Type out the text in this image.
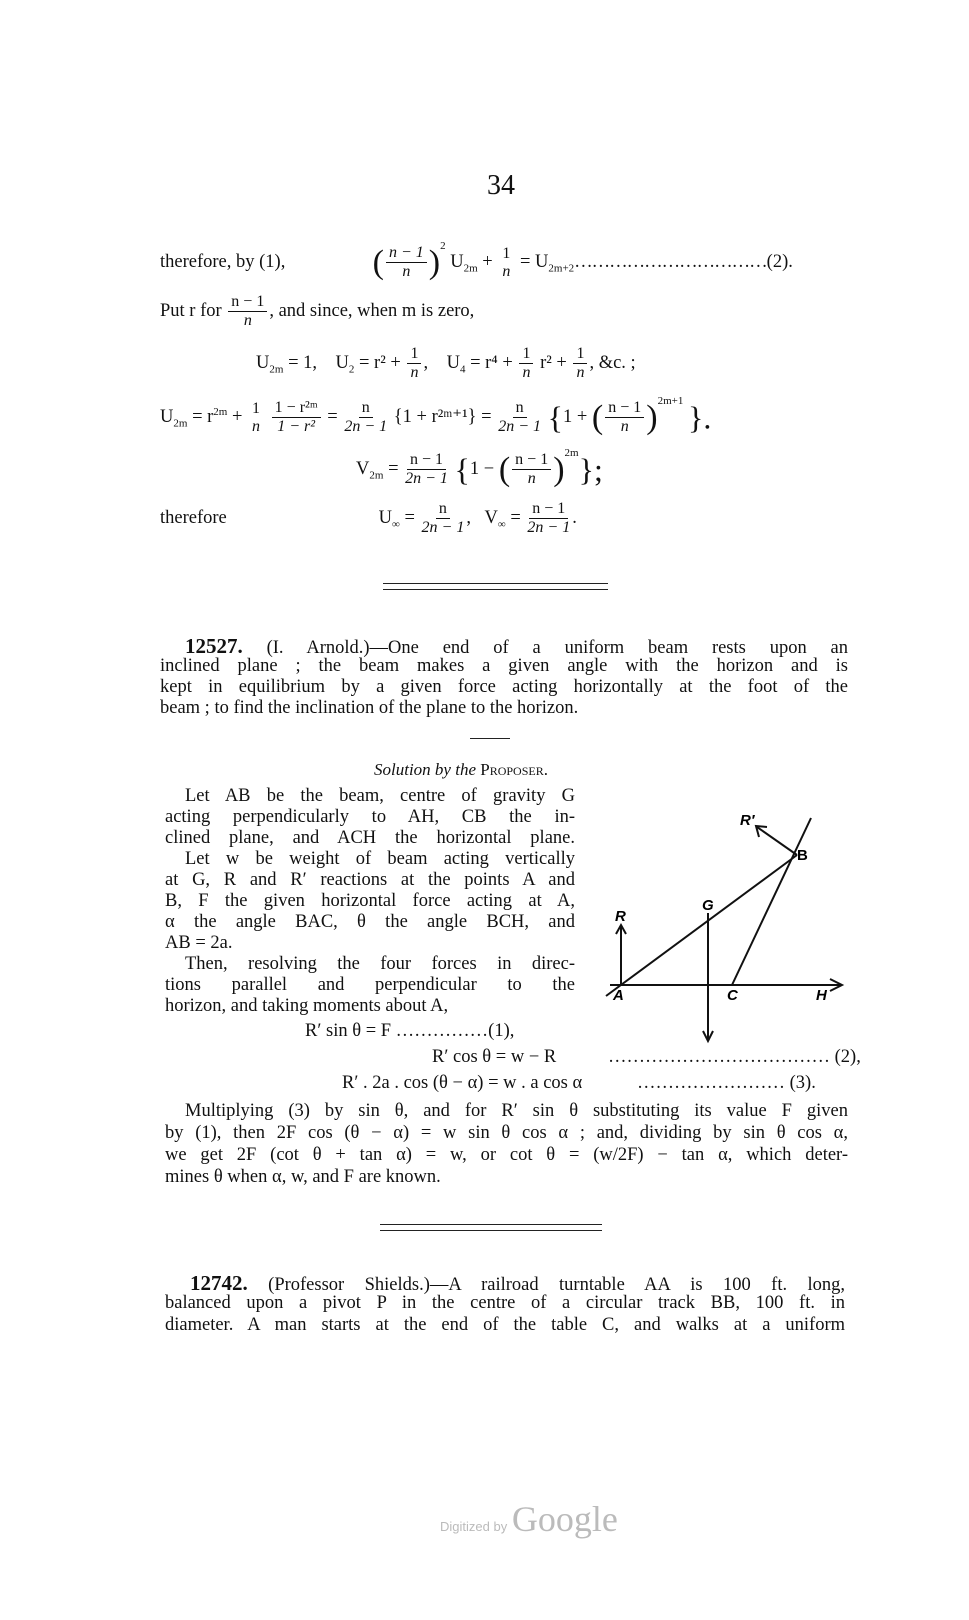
34
therefore, by (1),	( $\frac{n - 1}{n} )^2$ $U_{2m} + 1$
$n = U_{2m+2}\dots\dots\dots\dots\dots\dots\dots\dots\dots\dots\dots(2)$.
Put r for $\frac{n - 1}{n}$ , and since, when m is zero,
$U_{2m} = 1$, $U_2 = r^2 + \frac{1}{n}$ , $U_4 = r^4 + \frac{1}{n} r^2 + \frac{1}{n}$ , &c. ;
$U_{2m} = r^{2m} + 1$
n
$\frac{\text{1 − r²ᵐ}}{\text{1 − r²}} = \frac{n}{2n - 1} \{1$ + r²ᵐ⁺¹} = $\frac{n}{2n - 1} \{1$ + ( $\frac{n - 1}{n} )^{2m+1}$ }.
$V_{2m} = \frac{n - 1}{2n - 1} \{1$ − ( $\frac{n - 1}{n} )^{2m}$};
therefore	$U_\infty = \frac{n}{2n - 1}$ , $V_\infty = \frac{n - 1}{2n - 1}$ .
12527. (I. Arnold.)—One end of a uniform beam rests upon an
inclined plane ; the beam makes a given angle with the horizon and is
kept in equilibrium by a given force acting horizontally at the foot of the
beam ; to find the inclination of the plane to the horizon.
Solution by the Proposer.
Let AB be the beam, centre of gravity G
acting perpendicularly to AH, CB the in-
clined plane, and ACH the horizontal plane.
Let w be weight of beam acting vertically
at G, R and R′ reactions at the points A and
B, F the given horizontal force acting at A,
α the angle BAC, θ the angle BCH, and
AB = 2a.
Then, resolving the four forces in direc-
tions parallel and perpendicular to the
horizon, and taking moments about A,
R′ sin θ = F ……………(1),
R′ cos θ = w − R	……………………………… (2),
R′ . 2a . cos (θ − α) = w . a cos α	…………………… (3).
Multiplying (3) by sin θ, and for R′ sin θ substituting its value F given
by (1), then 2F cos (θ − α) = w sin θ cos α ; and, dividing by sin θ cos α,
we get 2F (cot θ + tan α) = w, or cot θ = (w/2F) − tan α, which deter-
mines θ when α, w, and F are known.
A
B
C
G
H
R
R′
12742. (Professor Shields.)—A railroad turntable AA is 100 ft. long,
balanced upon a pivot P in the centre of a circular track BB, 100 ft. in
diameter. A man starts at the end of the table C, and walks at a uniform
Digitized by Google
